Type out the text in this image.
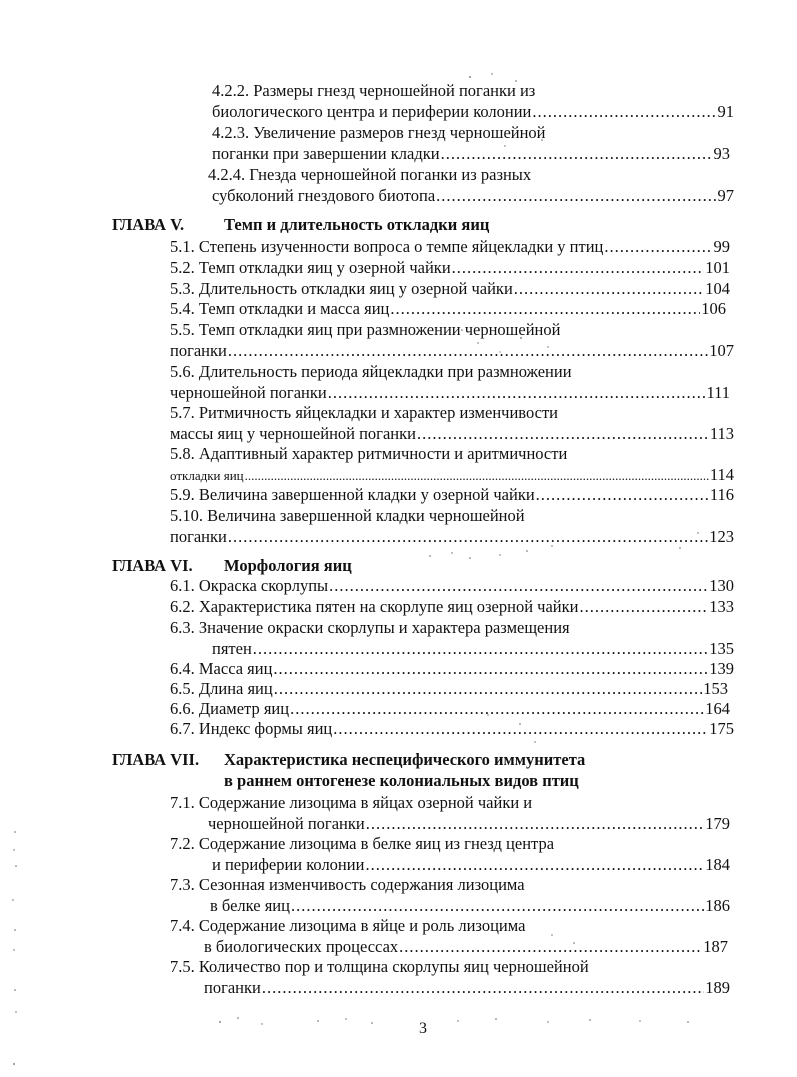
4.2.2. Размеры гнезд черношейной поганки из
биологического центра и периферии колонии .....	91
4.2.3. Увеличение размеров гнезд черношейной
поганки при завершении кладки .....	93
4.2.4. Гнезда черношейной поганки из разных
субколоний гнездового биотопа .....	97
ГЛАВА V. Темп и длительность откладки яиц
5.1. Степень изученности вопроса о темпе яйцекладки у птиц .....	99
5.2. Темп откладки яиц у озерной чайки .....	101
5.3. Длительность откладки яиц у озерной чайки .....	104
5.4. Темп откладки и масса яиц .....	106
5.5. Темп откладки яиц при размножении черношейной
поганки .....	107
5.6. Длительность периода яйцекладки при размножении
черношейной поганки .....	111
5.7. Ритмичность яйцекладки и характер изменчивости
массы яиц у черношейной поганки .....	113
5.8. Адаптивный характер ритмичности и аритмичности
откладки яиц .....	114
5.9. Величина завершенной кладки у озерной чайки .....	116
5.10. Величина завершенной кладки черношейной
поганки .....	123
ГЛАВА VI. Морфология яиц
6.1. Окраска скорлупы .....	130
6.2. Характеристика пятен на скорлупе яиц озерной чайки .....	133
6.3. Значение окраски скорлупы и характера размещения
пятен .....	135
6.4. Масса яиц .....	139
6.5. Длина яиц .....	153
6.6. Диаметр яиц .....	164
6.7. Индекс формы яиц .....	175
ГЛАВА VII. Характеристика неспецифического иммунитета
в раннем онтогенезе колониальных видов птиц
7.1. Содержание лизоцима в яйцах озерной чайки и
черношейной поганки .....	179
7.2. Содержание лизоцима в белке яиц из гнезд центра
и периферии колонии .....	184
7.3. Сезонная изменчивость содержания лизоцима
в белке яиц .....	186
7.4. Содержание лизоцима в яйце и роль лизоцима
в биологических процессах .....	187
7.5. Количество пор и толщина скорлупы яиц черношейной
поганки .....	189
3
